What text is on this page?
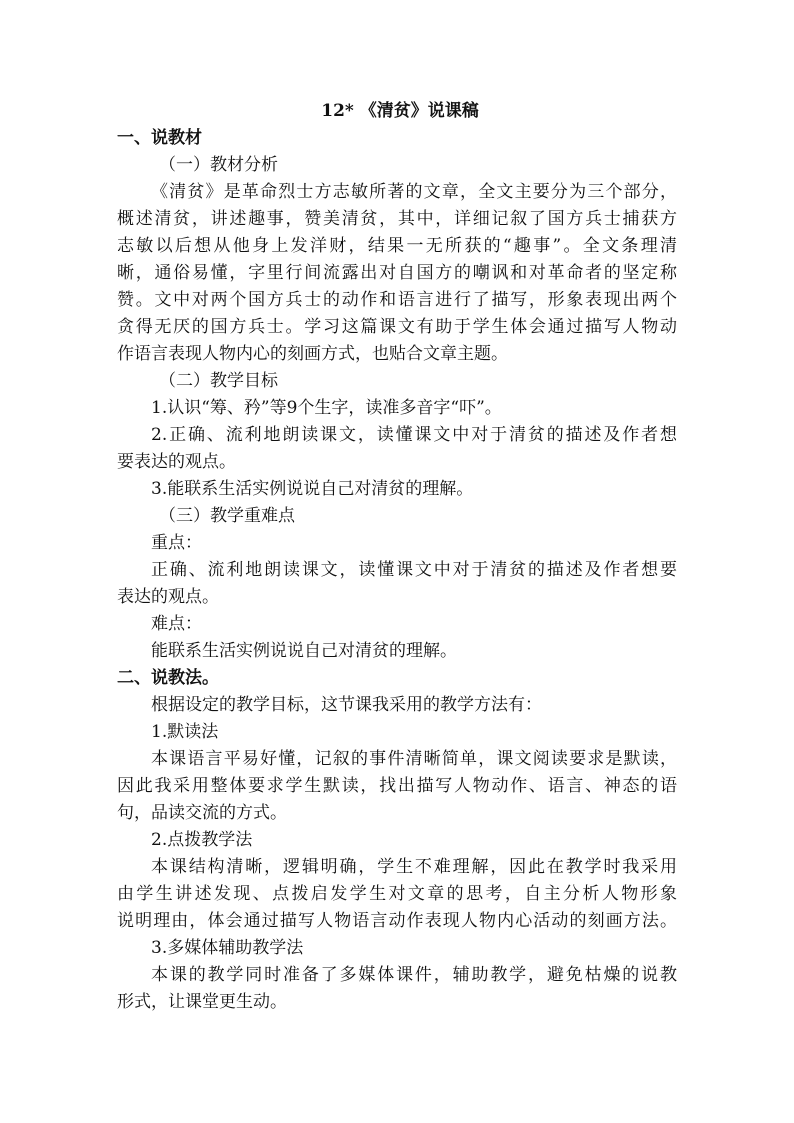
12* 《清贫》说课稿
一、说教材
（一）教材分析
《清贫》是革命烈士方志敏所著的文章，全文主要分为三个部分，
概述清贫，讲述趣事，赞美清贫，其中，详细记叙了国方兵士捕获方
志敏以后想从他身上发洋财，结果一无所获的“趣事”。全文条理清
晰，通俗易懂，字里行间流露出对自国方的嘲讽和对革命者的坚定称
赞。文中对两个国方兵士的动作和语言进行了描写，形象表现出两个
贪得无厌的国方兵士。学习这篇课文有助于学生体会通过描写人物动
作语言表现人物内心的刻画方式，也贴合文章主题。
（二）教学目标
1.认识“筹、矜”等9个生字，读准多音字“吓”。
2.正确、流利地朗读课文，读懂课文中对于清贫的描述及作者想
要表达的观点。
3.能联系生活实例说说自己对清贫的理解。
（三）教学重难点
重点：
正确、流利地朗读课文，读懂课文中对于清贫的描述及作者想要
表达的观点。
难点：
能联系生活实例说说自己对清贫的理解。
二、说教法。
根据设定的教学目标，这节课我采用的教学方法有：
1.默读法
本课语言平易好懂，记叙的事件清晰简单，课文阅读要求是默读，
因此我采用整体要求学生默读，找出描写人物动作、语言、神态的语
句，品读交流的方式。
2.点拨教学法
本课结构清晰，逻辑明确，学生不难理解，因此在教学时我采用
由学生讲述发现、点拨启发学生对文章的思考，自主分析人物形象
说明理由，体会通过描写人物语言动作表现人物内心活动的刻画方法。
3.多媒体辅助教学法
本课的教学同时准备了多媒体课件，辅助教学，避免枯燥的说教
形式，让课堂更生动。
